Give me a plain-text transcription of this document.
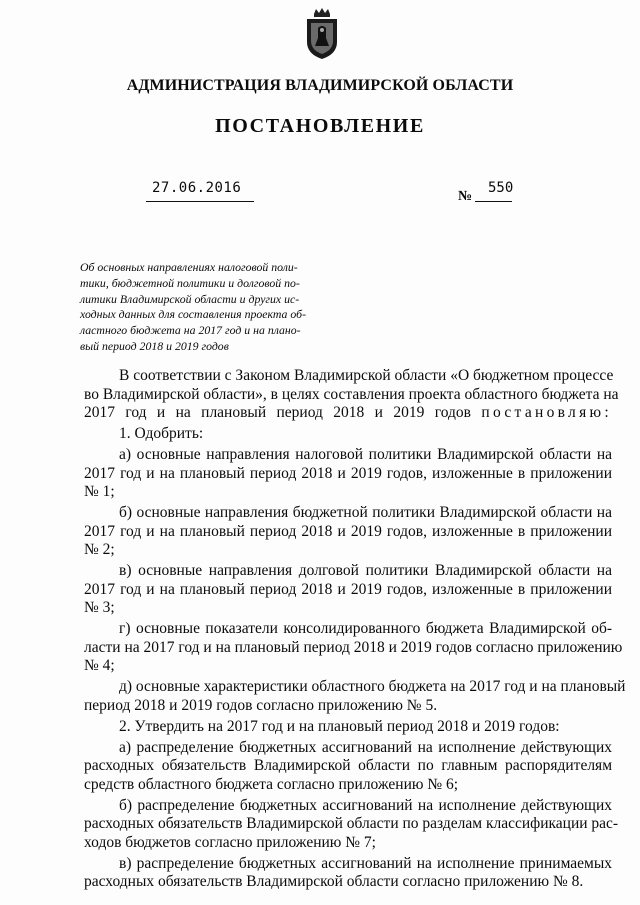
АДМИНИСТРАЦИЯ ВЛАДИМИРСКОЙ ОБЛАСТИ
ПОСТАНОВЛЕНИЕ
27.06.2016
№
550
Об основных направлениях налоговой поли-
тики, бюджетной политики и долговой по-
литики Владимирской области и других ис-
ходных данных для составления проекта об-
ластного бюджета на 2017 год и на плано-
вый период 2018 и 2019 годов
В соответствии с Законом Владимирской области «О бюджетном процессе
во Владимирской области», в целях составления проекта областного бюджета на
2017 год и на плановый период 2018 и 2019 годов постановляю:
1. Одобрить:
а) основные направления налоговой политики Владимирской области на
2017 год и на плановый период 2018 и 2019 годов, изложенные в приложении
№ 1;
б) основные направления бюджетной политики Владимирской области на
2017 год и на плановый период 2018 и 2019 годов, изложенные в приложении
№ 2;
в) основные направления долговой политики Владимирской области на
2017 год и на плановый период 2018 и 2019 годов, изложенные в приложении
№ 3;
г) основные показатели консолидированного бюджета Владимирской об-
ласти на 2017 год и на плановый период 2018 и 2019 годов согласно приложению
№ 4;
д) основные характеристики областного бюджета на 2017 год и на плановый
период 2018 и 2019 годов согласно приложению № 5.
2. Утвердить на 2017 год и на плановый период 2018 и 2019 годов:
а) распределение бюджетных ассигнований на исполнение действующих
расходных обязательств Владимирской области по главным распорядителям
средств областного бюджета согласно приложению № 6;
б) распределение бюджетных ассигнований на исполнение действующих
расходных обязательств Владимирской области по разделам классификации рас-
ходов бюджетов согласно приложению № 7;
в) распределение бюджетных ассигнований на исполнение принимаемых
расходных обязательств Владимирской области согласно приложению № 8.
